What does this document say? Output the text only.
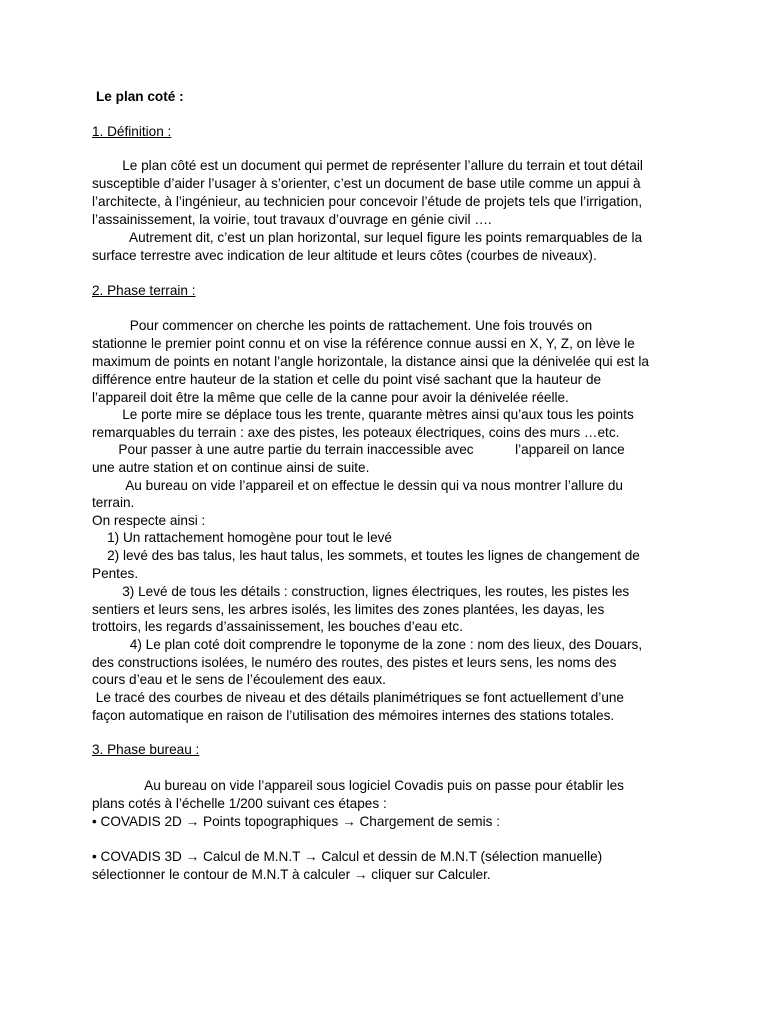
Le plan coté :
1. Définition :
Le plan côté est un document qui permet de représenter l’allure du terrain et tout détail
susceptible d’aider l’usager à s’orienter, c’est un document de base utile comme un appui à
l’architecte, à l’ingénieur, au technicien pour concevoir l’étude de projets tels que l’irrigation,
l’assainissement, la voirie, tout travaux d’ouvrage en génie civil ….
Autrement dit, c’est un plan horizontal, sur lequel figure les points remarquables de la
surface terrestre avec indication de leur altitude et leurs côtes (courbes de niveaux).
2. Phase terrain :
Pour commencer on cherche les points de rattachement. Une fois trouvés on
stationne le premier point connu et on vise la référence connue aussi en X, Y, Z, on lève le
maximum de points en notant l’angle horizontale, la distance ainsi que la dénivelée qui est la
différence entre hauteur de la station et celle du point visé sachant que la hauteur de
l’appareil doit être la même que celle de la canne pour avoir la dénivelée réelle.
Le porte mire se déplace tous les trente, quarante mètres ainsi qu’aux tous les points
remarquables du terrain : axe des pistes, les poteaux électriques, coins des murs …etc.
Pour passer à une autre partie du terrain inaccessible avec           l’appareil on lance
une autre station et on continue ainsi de suite.
Au bureau on vide l’appareil et on effectue le dessin qui va nous montrer l’allure du
terrain.
On respecte ainsi :
1) Un rattachement homogène pour tout le levé
2) levé des bas talus, les haut talus, les sommets, et toutes les lignes de changement de
Pentes.
3) Levé de tous les détails : construction, lignes électriques, les routes, les pistes les
sentiers et leurs sens, les arbres isolés, les limites des zones plantées, les dayas, les
trottoirs, les regards d’assainissement, les bouches d’eau etc.
4) Le plan coté doit comprendre le toponyme de la zone : nom des lieux, des Douars,
des constructions isolées, le numéro des routes, des pistes et leurs sens, les noms des
cours d’eau et le sens de l’écoulement des eaux.
Le tracé des courbes de niveau et des détails planimétriques se font actuellement d’une
façon automatique en raison de l’utilisation des mémoires internes des stations totales.
3. Phase bureau :
Au bureau on vide l’appareil sous logiciel Covadis puis on passe pour établir les
plans cotés à l’échelle 1/200 suivant ces étapes :
• COVADIS 2D → Points topographiques → Chargement de semis :
• COVADIS 3D → Calcul de M.N.T → Calcul et dessin de M.N.T (sélection manuelle)
sélectionner le contour de M.N.T à calculer → cliquer sur Calculer.
